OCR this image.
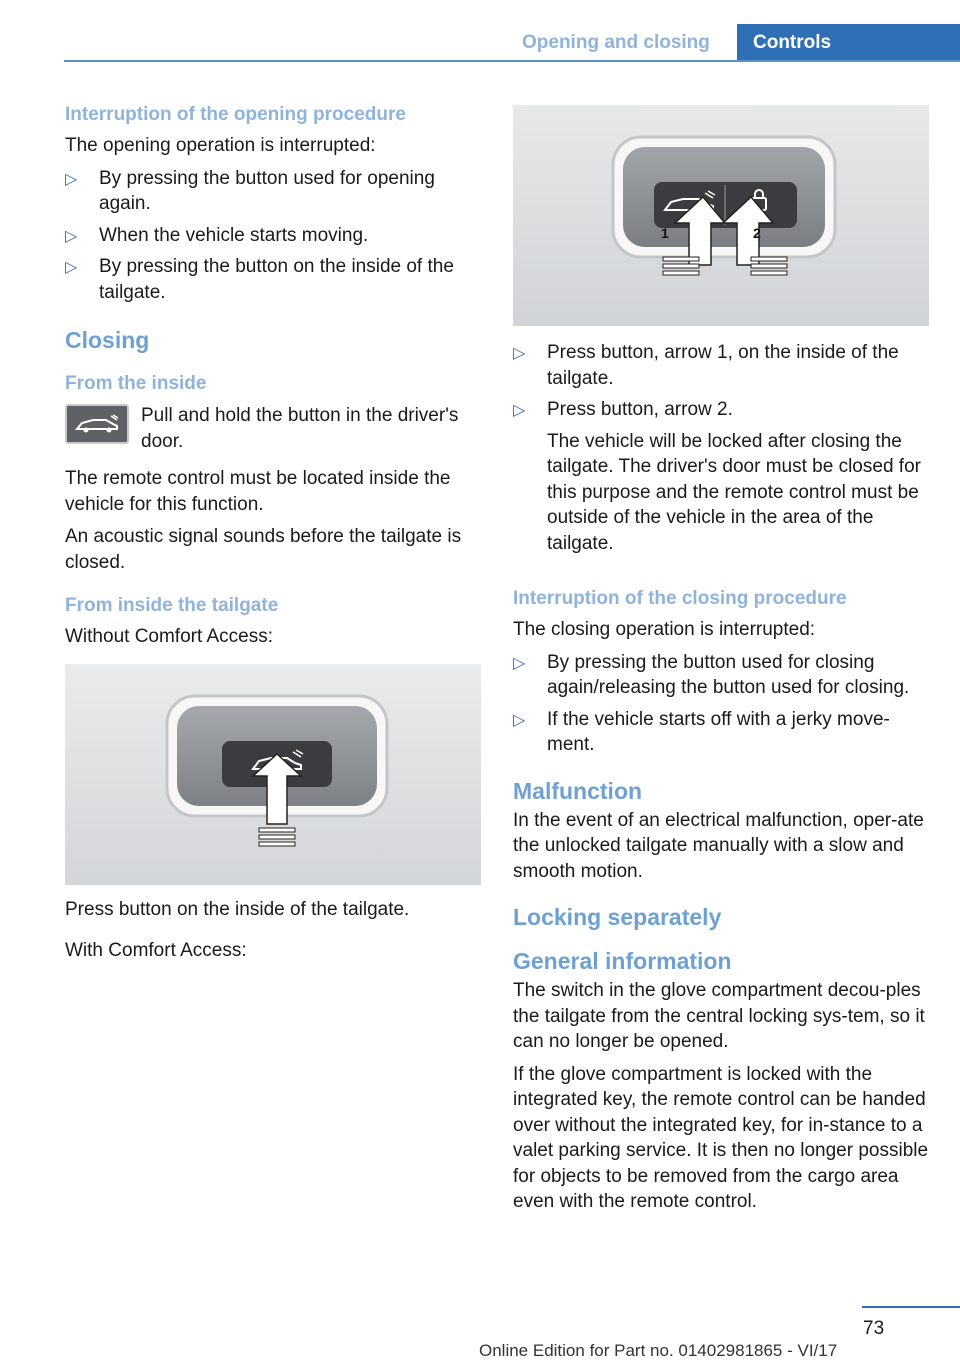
Opening and closing	Controls
Interruption of the opening procedure

The opening operation is interrupted:

▷ By pressing the button used for opening again.
▷ When the vehicle starts moving.
▷ By pressing the button on the inside of the tailgate.
Closing
From the inside

Pull and hold the button in the driver's door.

The remote control must be located inside the vehicle for this function.

An acoustic signal sounds before the tailgate is closed.

From inside the tailgate

Without Comfort Access:

Press button on the inside of the tailgate.

With Comfort Access:

1	2
▷ Press button, arrow 1, on the inside of the tailgate.
▷ Press button, arrow 2.

The vehicle will be locked after closing the tailgate. The driver's door must be closed for this purpose and the remote control must be outside of the vehicle in the area of the tailgate.

Interruption of the closing procedure

The closing operation is interrupted:

▷ By pressing the button used for closing again/releasing the button used for closing.
▷ If the vehicle starts off with a jerky move‐ment.
Malfunction

In the event of an electrical malfunction, oper‐ate the unlocked tailgate manually with a slow and smooth motion.

Locking separately
General information

The switch in the glove compartment decou‐ples the tailgate from the central locking sys‐tem, so it can no longer be opened.

If the glove compartment is locked with the integrated key, the remote control can be handed over without the integrated key, for in‐stance to a valet parking service. It is then no longer possible for objects to be removed from the cargo area even with the remote control.

73
Online Edition for Part no. 01402981865 - VI/17
